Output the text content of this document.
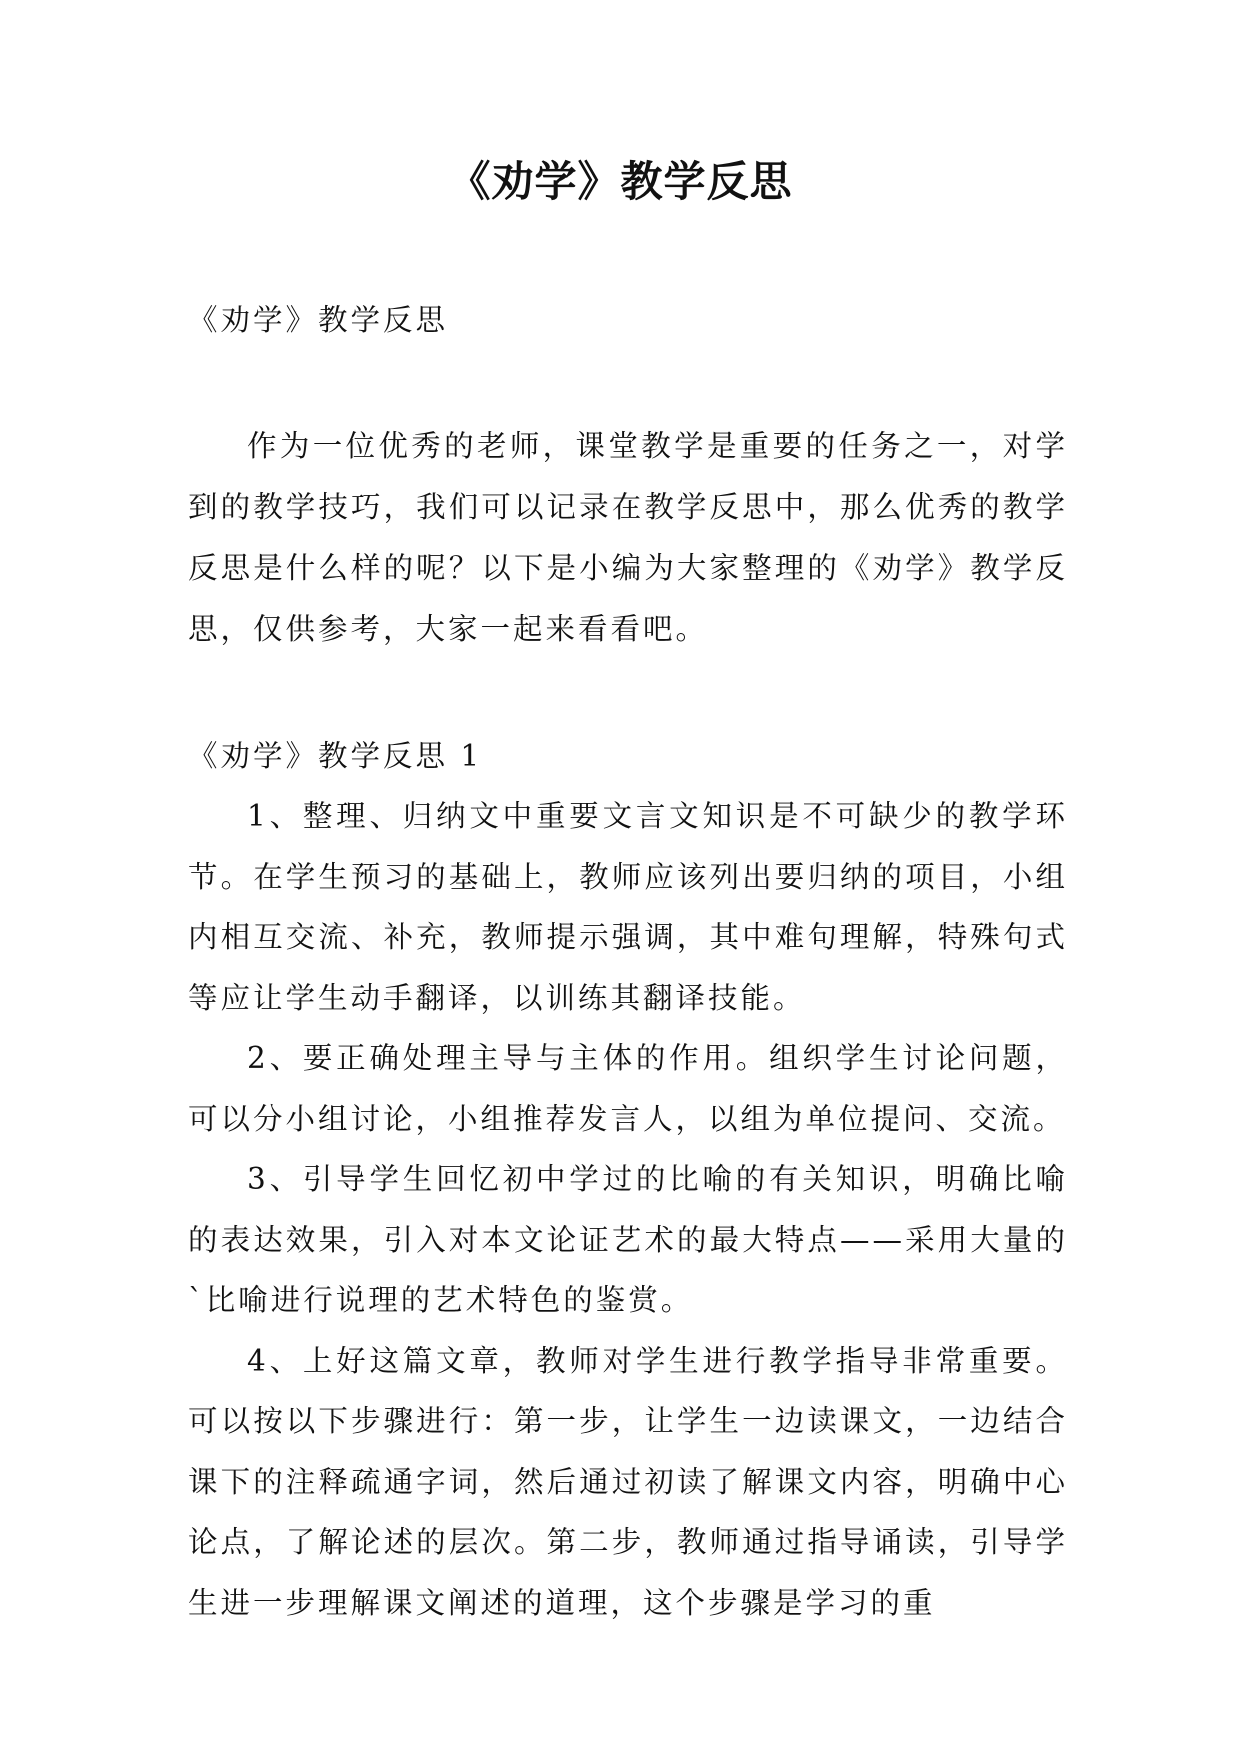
《劝学》教学反思
《劝学》教学反思

作为一位优秀的老师，课堂教学是重要的任务之一，对学到的教学技巧，我们可以记录在教学反思中，那么优秀的教学反思是什么样的呢？以下是小编为大家整理的《劝学》教学反思，仅供参考，大家一起来看看吧。

《劝学》教学反思 1

1、整理、归纳文中重要文言文知识是不可缺少的教学环节。在学生预习的基础上，教师应该列出要归纳的项目，小组内相互交流、补充，教师提示强调，其中难句理解，特殊句式等应让学生动手翻译，以训练其翻译技能。

2、要正确处理主导与主体的作用。组织学生讨论问题，可以分小组讨论，小组推荐发言人，以组为单位提问、交流。

3、引导学生回忆初中学过的比喻的有关知识，明确比喻的表达效果，引入对本文论证艺术的最大特点——采用大量的`比喻进行说理的艺术特色的鉴赏。

4、上好这篇文章，教师对学生进行教学指导非常重要。可以按以下步骤进行：第一步，让学生一边读课文，一边结合课下的注释疏通字词，然后通过初读了解课文内容，明确中心论点，了解论述的层次。第二步，教师通过指导诵读，引导学生进一步理解课文阐述的道理，这个步骤是学习的重
